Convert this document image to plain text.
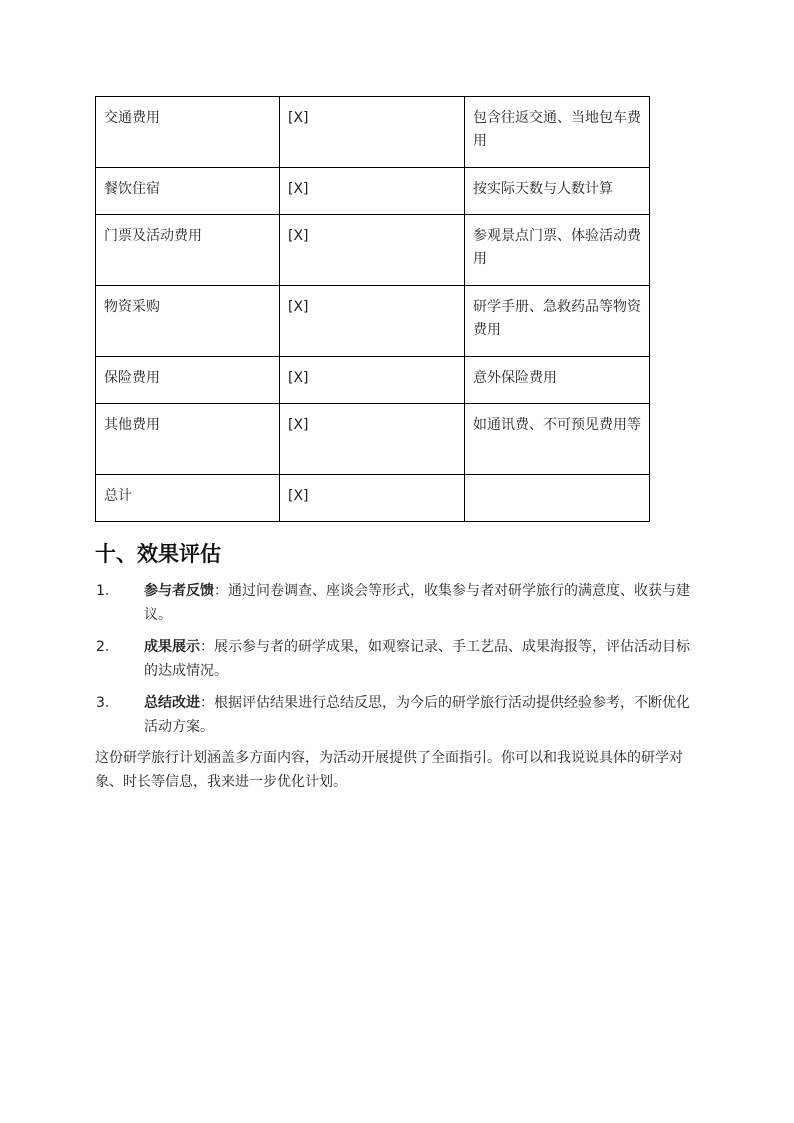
交通费用	[X]	包含往返交通、当地包车费用
餐饮住宿	[X]	按实际天数与人数计算
门票及活动费用	[X]	参观景点门票、体验活动费用
物资采购	[X]	研学手册、急救药品等物资费用
保险费用	[X]	意外保险费用
其他费用	[X]	如通讯费、不可预见费用等
总计	[X]	
十、效果评估
1. 参与者反馈：通过问卷调查、座谈会等形式，收集参与者对研学旅行的满意度、收获与建议。
2. 成果展示：展示参与者的研学成果，如观察记录、手工艺品、成果海报等，评估活动目标的达成情况。
3. 总结改进：根据评估结果进行总结反思，为今后的研学旅行活动提供经验参考，不断优化活动方案。

这份研学旅行计划涵盖多方面内容，为活动开展提供了全面指引。你可以和我说说具体的研学对象、时长等信息，我来进一步优化计划。
